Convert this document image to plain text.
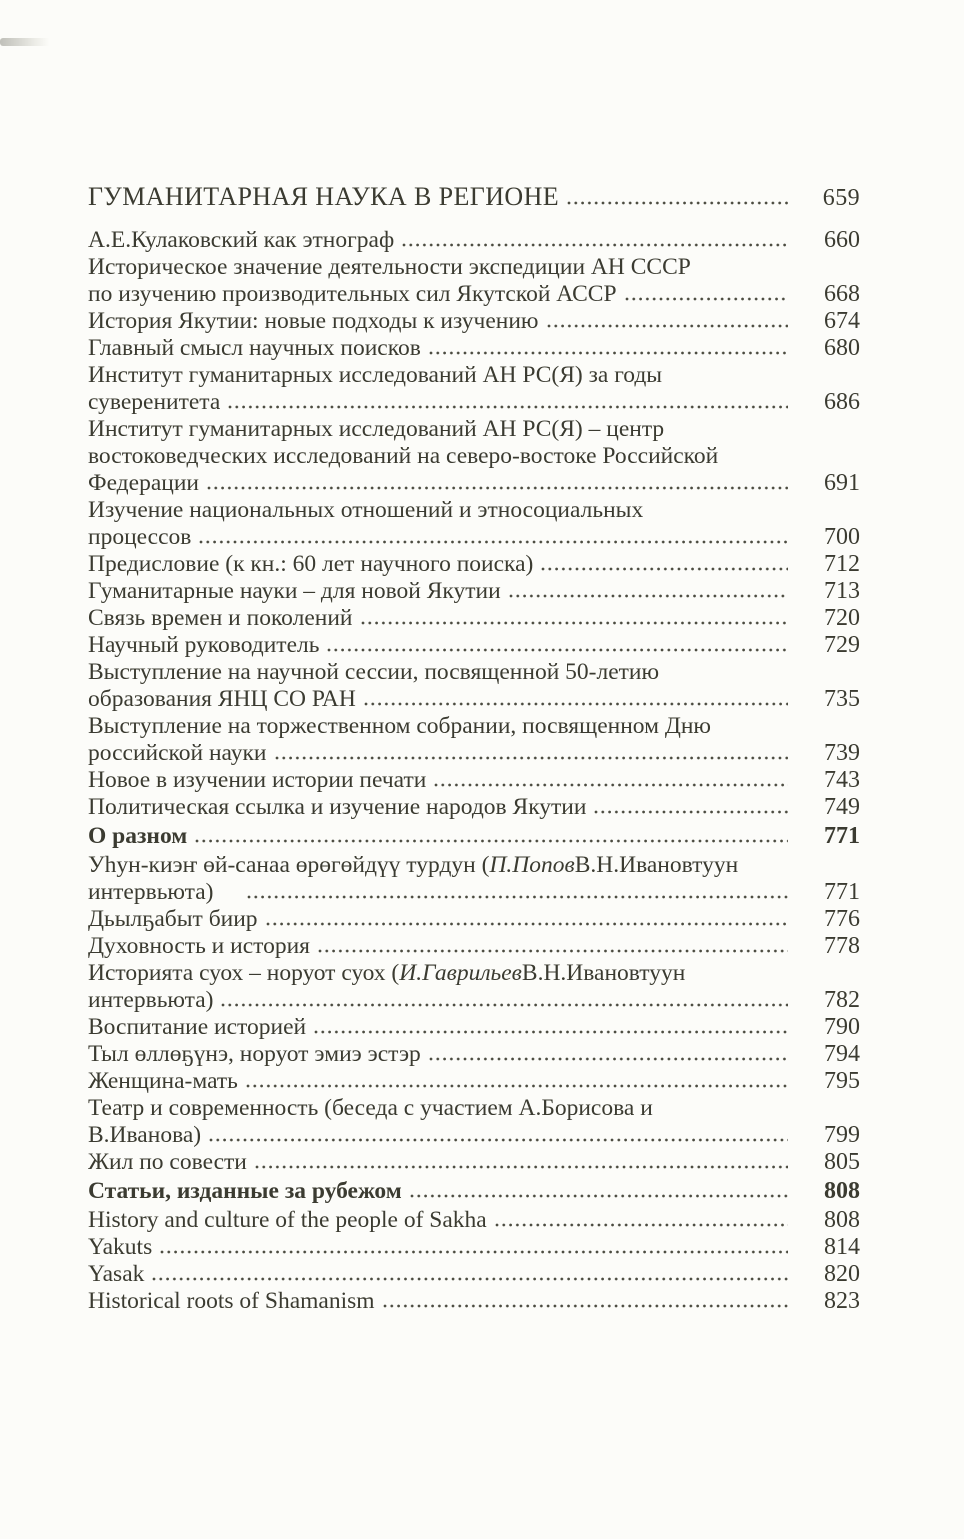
ГУМАНИТАРНАЯ НАУКА В РЕГИОНЕ	659
А.Е.Кулаковский как этнограф	660
Историческое значение деятельности экспедиции АН СССР
по изучению производительных сил Якутской АССР	668
История Якутии: новые подходы к изучению	674
Главный смысл научных поисков	680
Институт гуманитарных исследований АН РС(Я) за годы
суверенитета	686
Институт гуманитарных исследований АН РС(Я) – центр
востоковедческих исследований на северо-востоке Российской
Федерации	691
Изучение национальных отношений и этносоциальных
процессов	700
Предисловие (к кн.: 60 лет научного поиска)	712
Гуманитарные науки – для новой Якутии	713
Связь времен и поколений	720
Научный руководитель	729
Выступление на научной сессии, посвященной 50-летию
образования ЯНЦ СО РАН	735
Выступление на торжественном собрании, посвященном Дню
российской науки	739
Новое в изучении истории печати	743
Политическая ссылка и изучение народов Якутии	749
О разном	771
Уһун-киэҥ өй-санаа өрөгөйдүү турдун ( П.Попов В.Н.Ивановтуун
интервьюта)	771
Дьылҕабыт биир	776
Духовность и история	778
Историята суох – норуот суох ( И.Гаврильев В.Н.Ивановтуун
интервьюта)	782
Воспитание историей	790
Тыл өллөҕүнэ, норуот эмиэ эстэр	794
Женщина-мать	795
Театр и современность (беседа с участием А.Борисова и
В.Иванова)	799
Жил по совести	805
Статьи, изданные за рубежом	808
History and culture of the people of Sakha	808
Yakuts	814
Yasak	820
Historical roots of Shamanism	823
